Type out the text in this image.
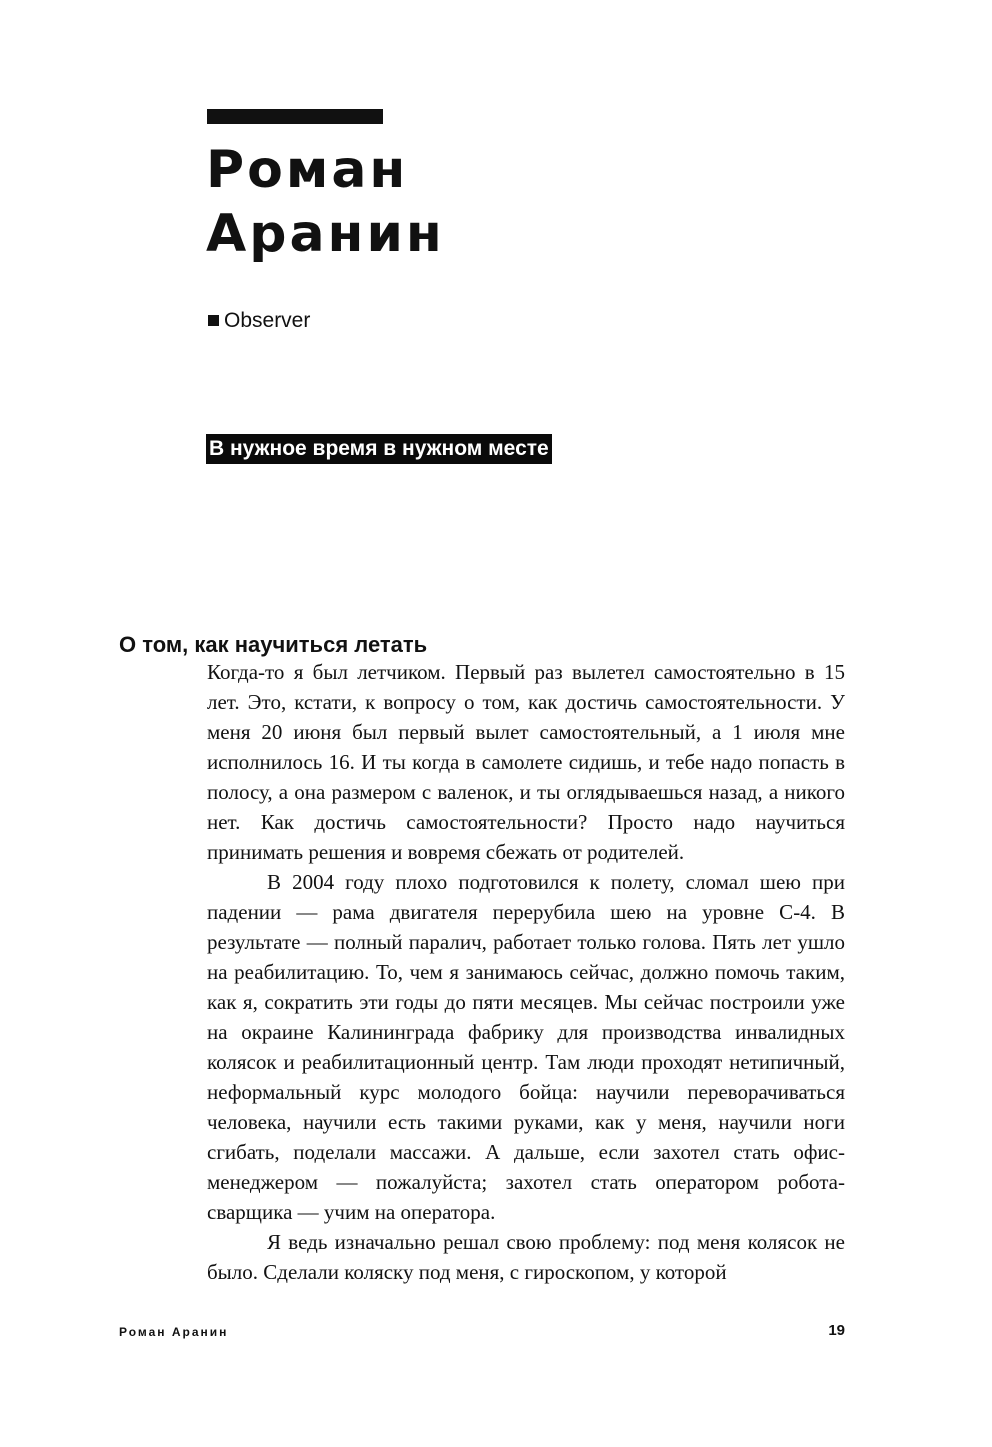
Роман
Аранин
Observer
В нужное время в нужном месте
О том, как научиться летать

Когда-то я был летчиком. Первый раз вылетел самостоятельно в 15 лет. Это, кстати, к вопросу о том, как достичь самостоятельности. У меня 20 июня был первый вылет самостоятельный, а 1 июля мне исполнилось 16. И ты когда в самолете сидишь, и тебе надо попасть в полосу, а она размером с валенок, и ты оглядываешься назад, а никого нет. Как достичь самостоятельности? Просто надо научиться принимать решения и вовремя сбежать от родителей.

В 2004 году плохо подготовился к полету, сломал шею при падении — рама двигателя перерубила шею на уровне C-4. В результате — полный паралич, работает только голова. Пять лет ушло на реабилитацию. То, чем я занимаюсь сейчас, должно помочь таким, как я, сократить эти годы до пяти месяцев. Мы сейчас построили уже на окраине Калининграда фабрику для производства инвалидных колясок и реабилитационный центр. Там люди проходят нетипичный, неформальный курс молодого бойца: научили переворачиваться человека, научили есть такими руками, как у меня, научили ноги сгибать, поделали массажи. А дальше, если захотел стать офис-менеджером — пожалуйста; захотел стать оператором робота-сварщика — учим на оператора.

Я ведь изначально решал свою проблему: под меня колясок не было. Сделали коляску под меня, с гироскопом, у которой

Роман Аранин	19
